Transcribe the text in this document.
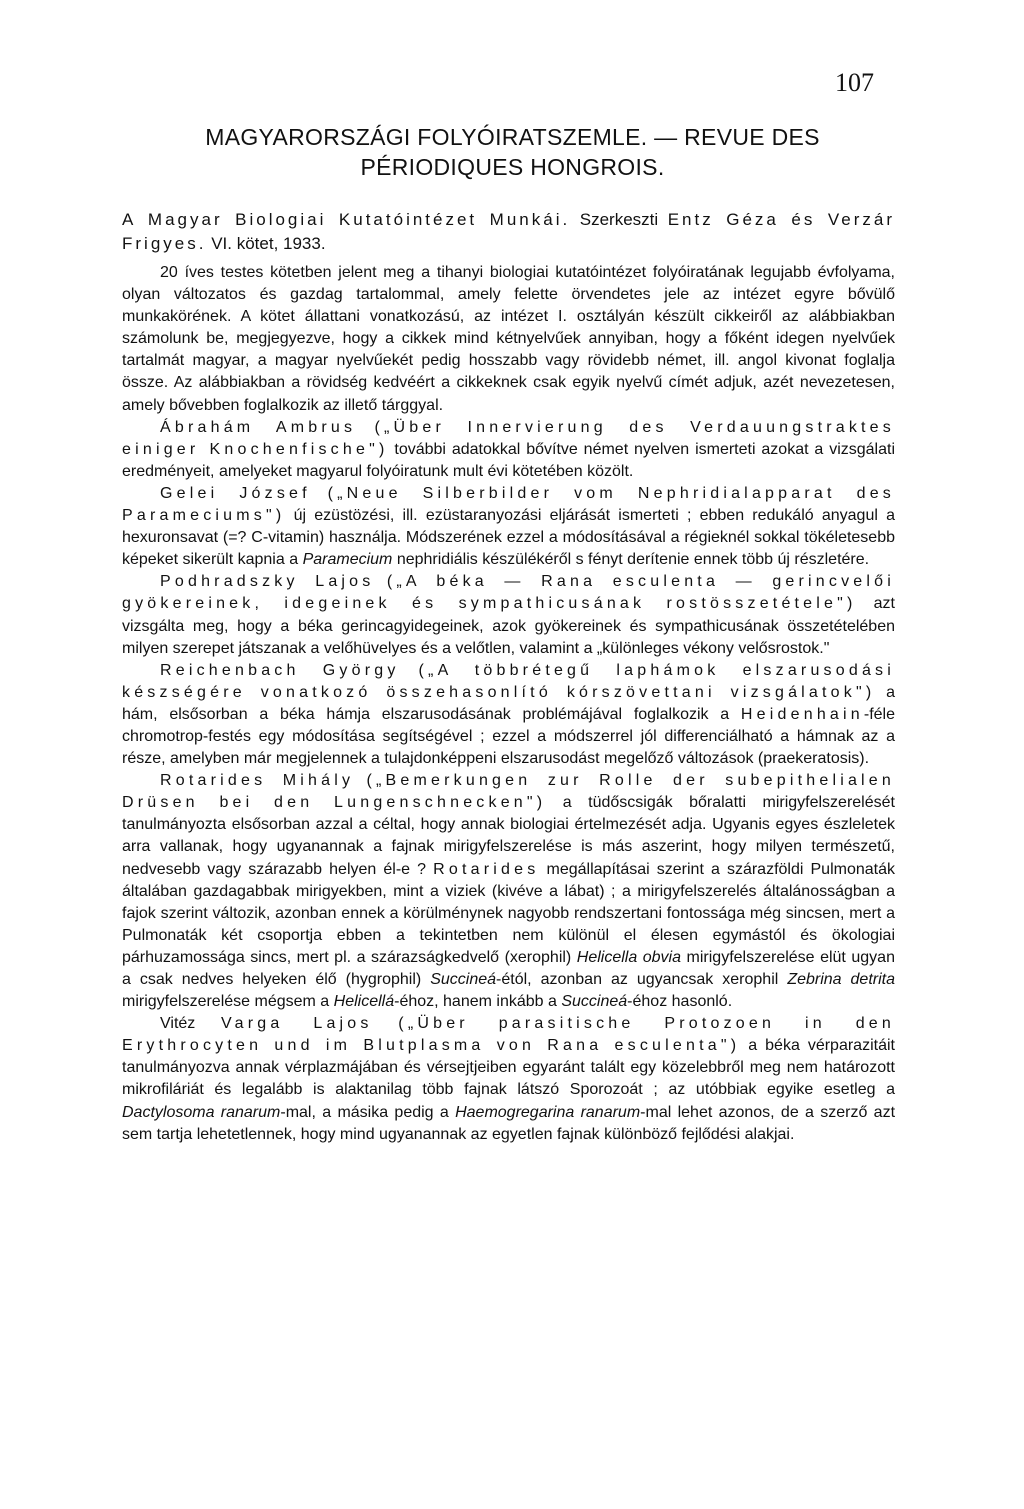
107
MAGYARORSZÁGI FOLYÓIRATSZEMLE. — REVUE DES
PÉRIODIQUES HONGROIS.

A Magyar Biologiai Kutatóintézet Munkái. Szerkeszti Entz Géza és Verzár Frigyes. VI. kötet, 1933.

20 íves testes kötetben jelent meg a tihanyi biologiai kutatóintézet folyóiratának legujabb évfolyama, olyan változatos és gazdag tartalommal, amely felette örvendetes jele az intézet egyre bővülő munkakörének. A kötet állattani vonatkozású, az intézet I. osztályán készült cikkeiről az alábbiakban számolunk be, megjegyezve, hogy a cikkek mind kétnyelvűek annyiban, hogy a főként idegen nyelvűek tartalmát magyar, a magyar nyelvűekét pedig hosszabb vagy rövidebb német, ill. angol kivonat foglalja össze. Az alábbiakban a rövidség kedvéért a cikkeknek csak egyik nyelvű címét adjuk, azét nevezetesen, amely bővebben foglalkozik az illető tárggyal.

Ábrahám Ambrus („Über Innervierung des Verdauungstraktes einiger Knochenfische") további adatokkal bővítve német nyelven ismerteti azokat a vizsgálati eredményeit, amelyeket magyarul folyóiratunk mult évi kötetében közölt.

Gelei József („Neue Silberbilder vom Nephridialapparat des Parameciums") új ezüstözési, ill. ezüstaranyozási eljárását ismerteti ; ebben redukáló anyagul a hexuronsavat (=? C-vitamin) használja. Módszerének ezzel a módosításával a régieknél sokkal tökéletesebb képeket sikerült kapnia a Paramecium nephridiális készülékéről s fényt derítenie ennek több új részletére.

Podhradszky Lajos („A béka — Rana esculenta — gerincvelői gyökereinek, idegeinek és sympathicusának rostösszetétele") azt vizsgálta meg, hogy a béka gerincagyidegeinek, azok gyökereinek és sympathicusának összetételében milyen szerepet játszanak a velőhüvelyes és a velőtlen, valamint a „különleges vékony velősrostok."

Reichenbach György („A többrétegű laphámok elszarusodási készségére vonatkozó összehasonlító kórszövettani vizsgálatok") a hám, elsősorban a béka hámja elszarusodásának problémájával foglalkozik a Heidenhain-féle chromotrop-festés egy módosítása segítségével ; ezzel a módszerrel jól differenciálható a hámnak az a része, amelyben már megjelennek a tulajdonképpeni elszarusodást megelőző változások (praekeratosis).

Rotarides Mihály („Bemerkungen zur Rolle der subepithelialen Drüsen bei den Lungenschnecken") a tüdőscsigák bőralatti mirigyfelszerelését tanulmányozta elsősorban azzal a céltal, hogy annak biologiai értelmezését adja. Ugyanis egyes észleletek arra vallanak, hogy ugyanannak a fajnak mirigyfelszerelése is más aszerint, hogy milyen természetű, nedvesebb vagy szárazabb helyen él-e ? Rotarides megállapításai szerint a szárazföldi Pulmonaták általában gazdagabbak mirigyekben, mint a viziek (kivéve a lábat) ; a mirigyfelszerelés általánosságban a fajok szerint változik, azonban ennek a körülménynek nagyobb rendszertani fontossága még sincsen, mert a Pulmonaták két csoportja ebben a tekintetben nem különül el élesen egymástól és ökologiai párhuzamossága sincs, mert pl. a szárazságkedvelő (xerophil) Helicella obvia mirigyfelszerelése elüt ugyan a csak nedves helyeken élő (hygrophil) Succineá-étól, azonban az ugyancsak xerophil Zebrina detrita mirigyfelszerelése mégsem a Helicellá-éhoz, hanem inkább a Succineá-éhoz hasonló.

Vitéz Varga Lajos („Über parasitische Protozoen in den Erythrocyten und im Blutplasma von Rana esculenta") a béka vérparazitáit tanulmányozva annak vérplazmájában és vérsejtjeiben egyaránt talált egy közelebbről meg nem határozott mikrofiláriát és legalább is alaktanilag több fajnak látszó Sporozoát ; az utóbbiak egyike esetleg a Dactylosoma ranarum-mal, a másika pedig a Haemogregarina ranarum-mal lehet azonos, de a szerző azt sem tartja lehetetlennek, hogy mind ugyanannak az egyetlen fajnak különböző fejlődési alakjai.
